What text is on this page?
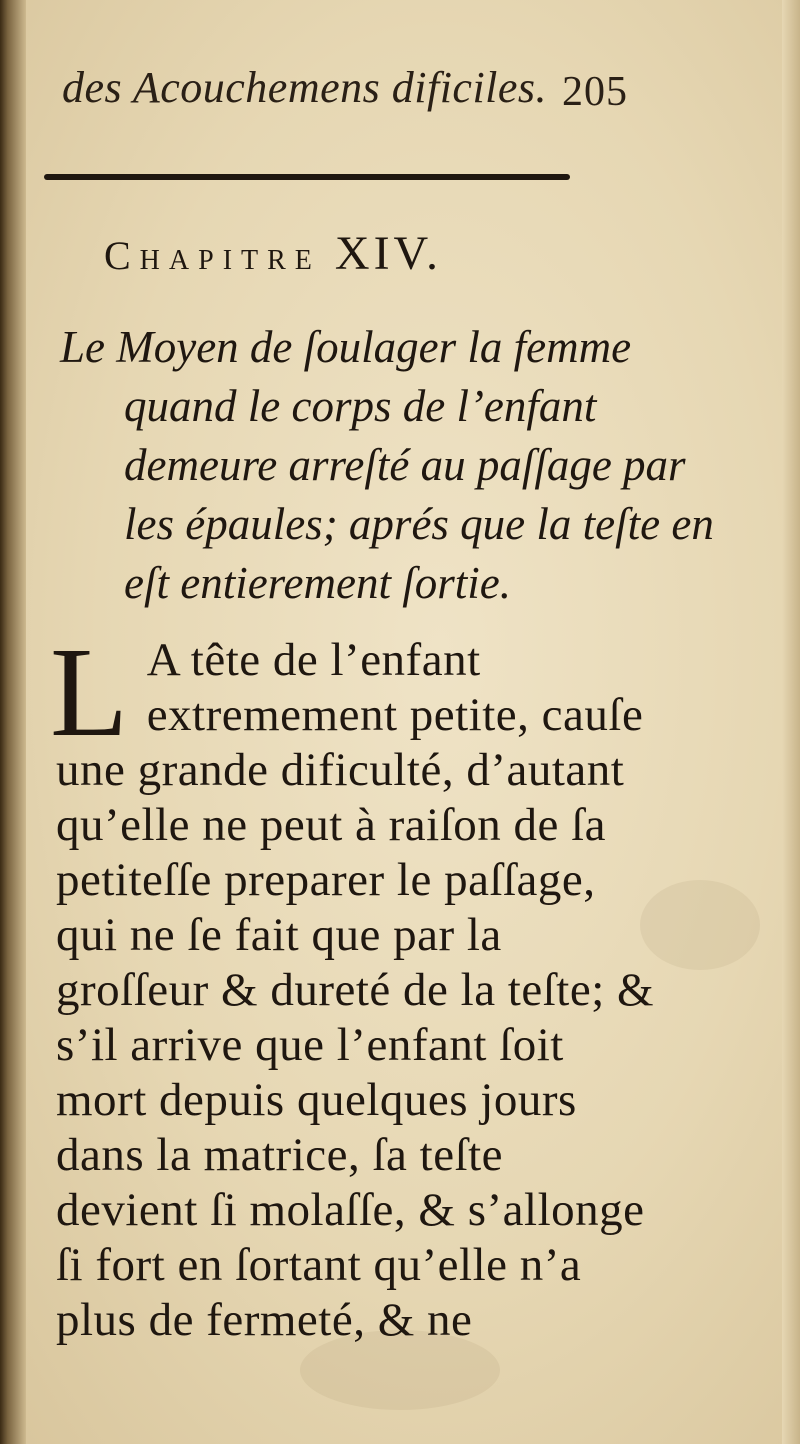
des Acouchemens dificiles. 205
Chapitre XIV.

Le Moyen de ſoulager la femme quand le corps de l’enfant demeure arreſté au paſſage par les épaules; aprés que la teſte en eſt entierement ſortie.

L A tête de l’enfant extremement petite, cauſe une grande dificulté, d’autant qu’elle ne peut à raiſon de ſa petiteſſe preparer le paſſage, qui ne ſe fait que par la groſſeur & dureté de la teſte; & s’il arrive que l’enfant ſoit mort depuis quelques jours dans la matrice, ſa teſte devient ſi molaſſe, & s’allonge ſi fort en ſortant qu’elle n’a plus de fermeté, & ne
